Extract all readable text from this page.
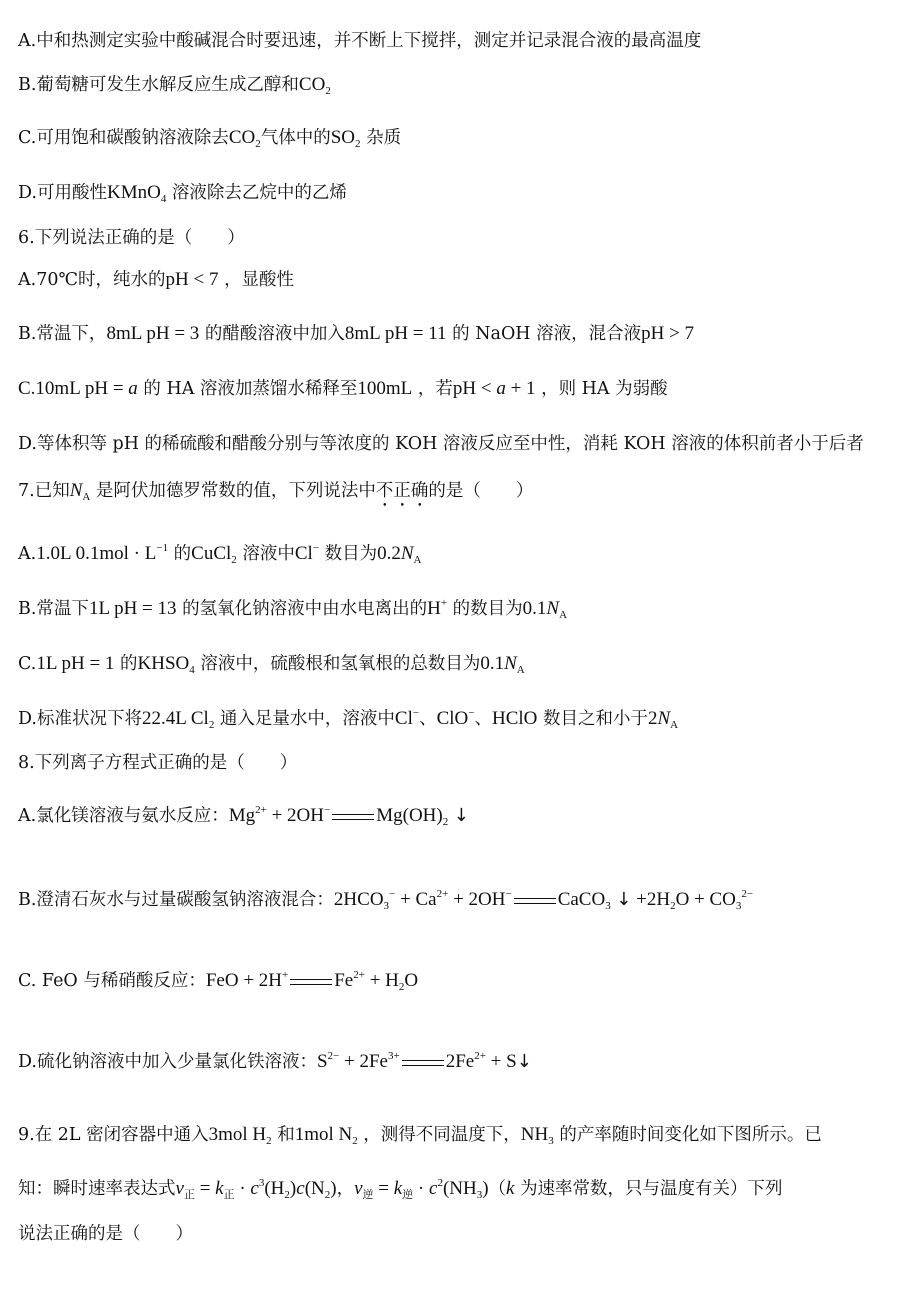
A.中和热测定实验中酸碱混合时要迅速，并不断上下搅拌，测定并记录混合液的最高温度
B.葡萄糖可发生水解反应生成乙醇和$CO_2$
C.可用饱和碳酸钠溶液除去$CO_2$气体中的$SO_2$ 杂质
D.可用酸性KMnO$_4$ 溶液除去乙烷中的乙烯
6.下列说法正确的是（　　）
A.70℃时，纯水的pH < 7 ，显酸性
B.常温下，8mL pH = 3 的醋酸溶液中加入8mL pH = 11 的 NaOH 溶液，混合液pH > 7
C.10mL pH = a 的 HA 溶液加蒸馏水稀释至100mL ，若pH < a + 1 ，则 HA 为弱酸
D.等体积等 pH 的稀硫酸和醋酸分别与等浓度的 KOH 溶液反应至中性，消耗 KOH 溶液的体积前者小于后者
7.已知$N_A$ 是阿伏加德罗常数的值，下列说法中不正确的是（　　）
A.1.0L $0.1mol \cdot L^{-1}$ 的CuCl$_2$ 溶液中Cl− 数目为$0.2N_A$
B.常温下1L pH = 13 的氢氧化钠溶液中由水电离出的H+ 的数目为$0.1N_A$
C.1L pH = 1 的$KHSO_4$ 溶液中，硫酸根和氢氧根的总数目为$0.1N_A$
D.标准状况下将22.4L $Cl_2$ 通入足量水中，溶液中Cl−、ClO−、HClO 数目之和小于$2N_A$
8.下列离子方程式正确的是（　　）
A.氯化镁溶液与氨水反应：$Mg^{2+} + 2OH^-$ $Mg(OH)_2$ ↓
B.澄清石灰水与过量碳酸氢钠溶液混合：$2HCO_3^- + Ca^{2+} + 2OH^-$ CaCO$_3$ ↓ $+2H_2O + CO_3^{2-}$
C. FeO 与稀硝酸反应：FeO + 2H+ $Fe^{2+} + H_2O$
D.硫化钠溶液中加入少量氯化铁溶液：$S^{2-} + 2Fe^{3+}$ $2Fe^{2+}$ + S↓
9.在 2L 密闭容器中通入3mol $H_2$ 和1mol $N_2$ ，测得不同温度下，$NH_3$ 的产率随时间变化如下图所示。已
知：瞬时速率表达式$v_正 = k_正 \cdot c^3(H_2)c(N_2)$，$v_逆 = k_逆 \cdot c^2(NH_3)(k$ 为速率常数，只与温度有关）下列
说法正确的是（　　）
